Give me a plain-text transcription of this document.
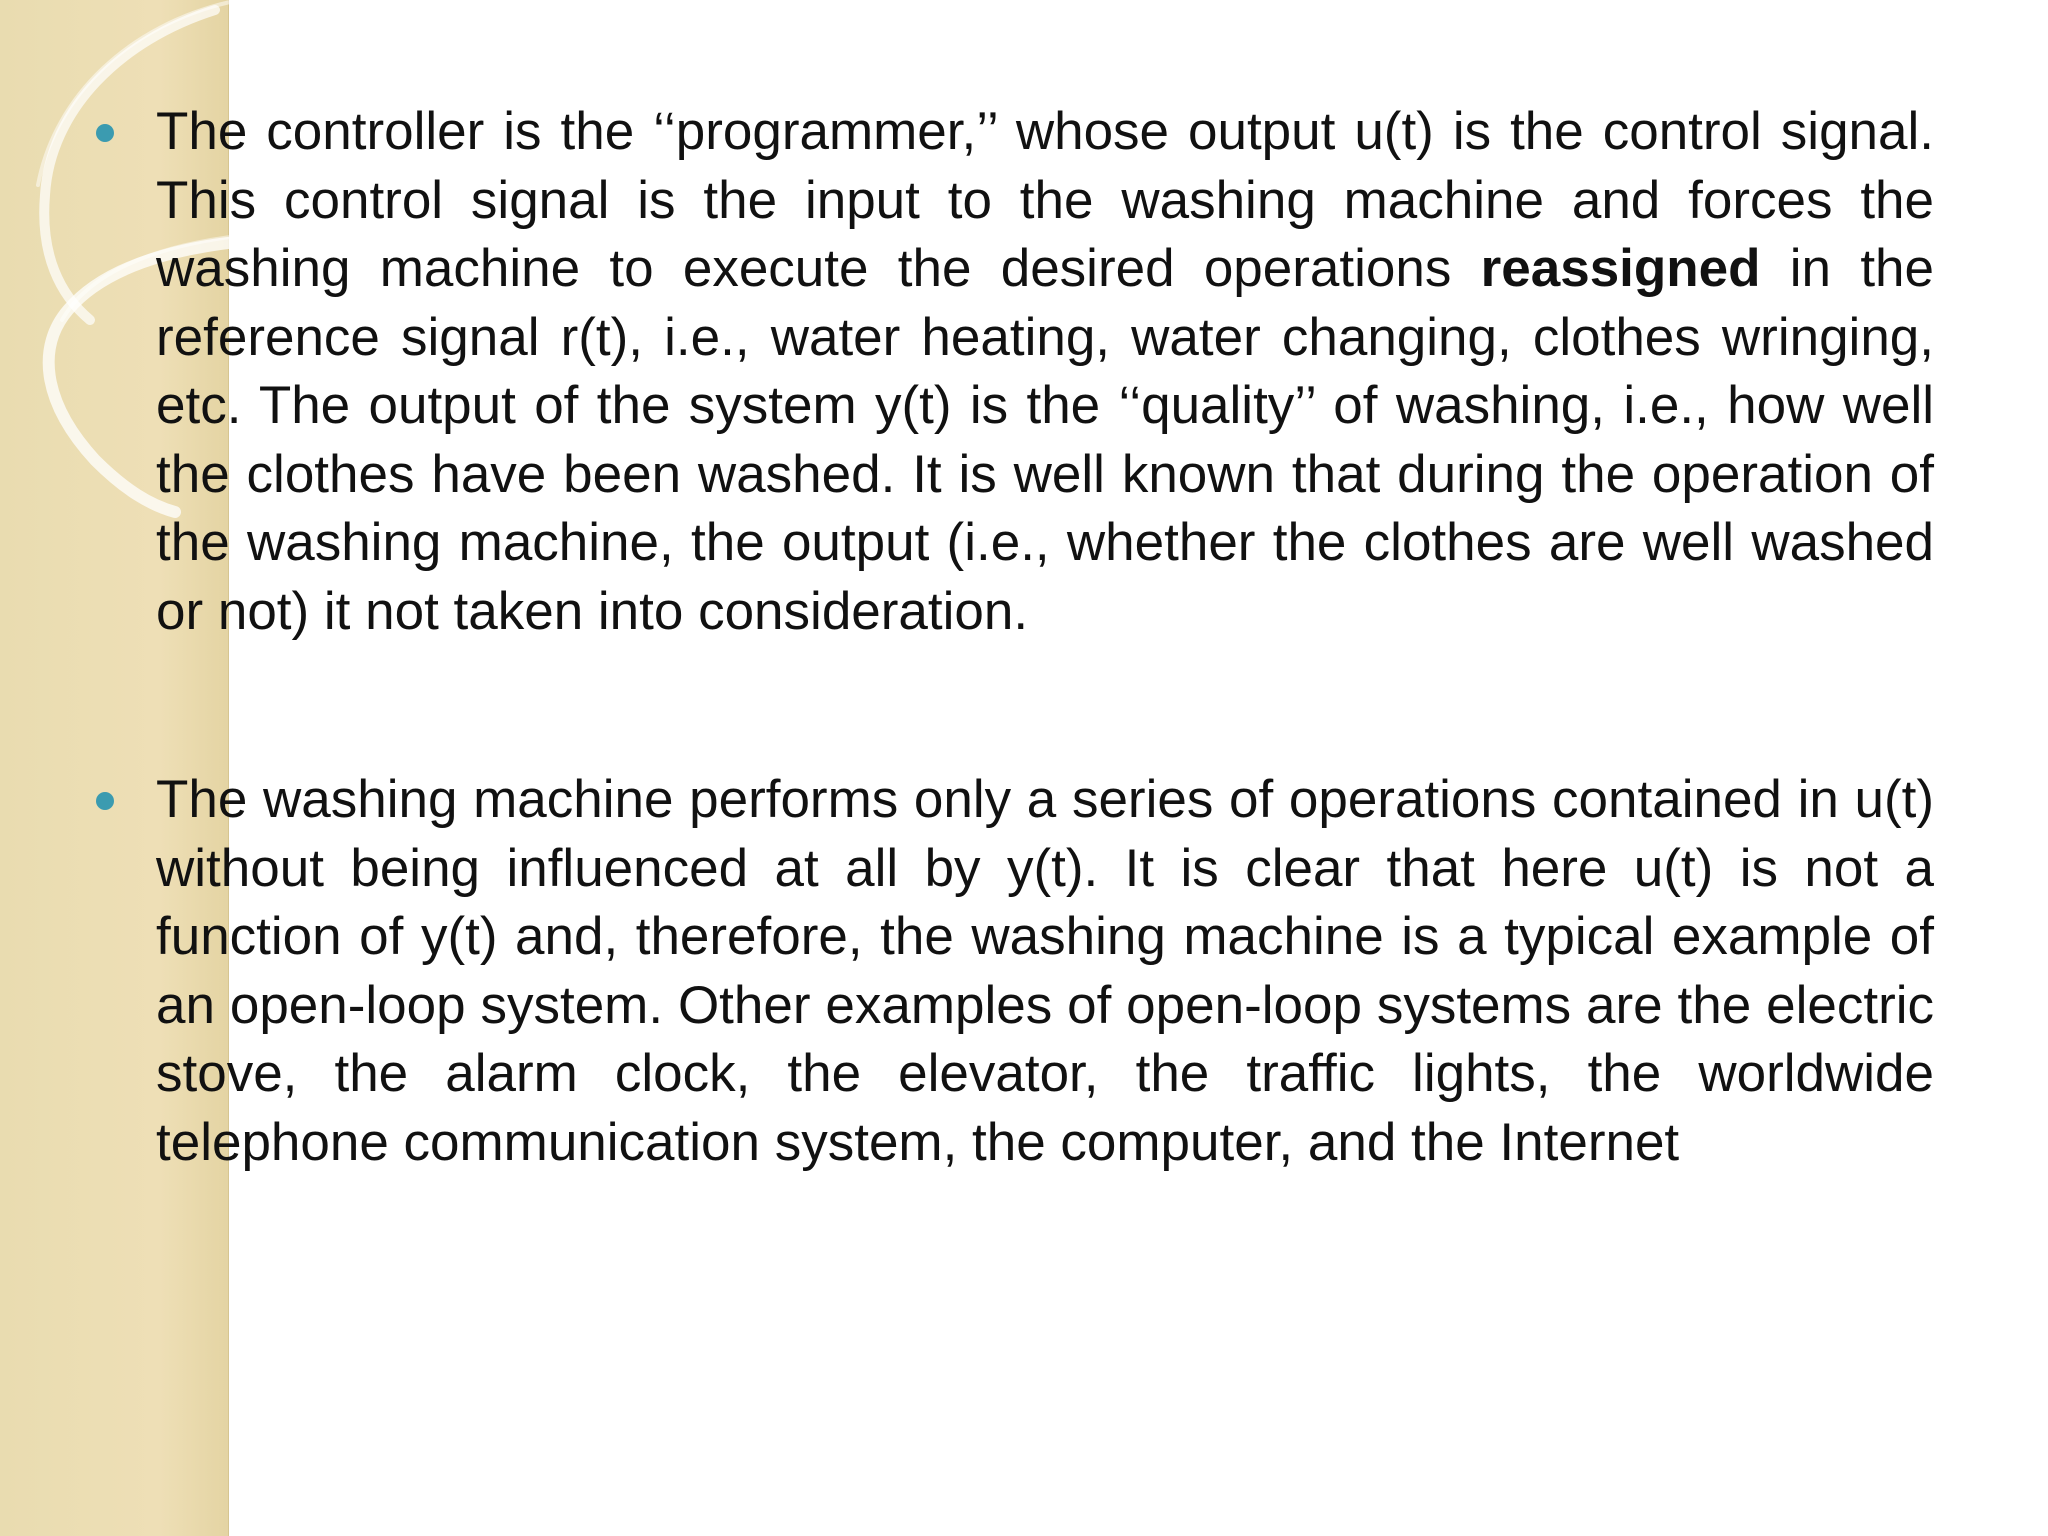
The controller is the ‘‘programmer,’’ whose output u(t) is the control signal. This control signal is the input to the washing machine and forces the washing machine to execute the desired operations reassigned in the reference signal r(t), i.e., water heating, water changing, clothes wringing, etc. The output of the system y(t) is the ‘‘quality’’ of washing, i.e., how well the clothes have been washed. It is well known that during the operation of the washing machine, the output (i.e., whether the clothes are well washed or not) it not taken into consideration.

The washing machine performs only a series of operations contained in u(t) without being influenced at all by y(t). It is clear that here u(t) is not a function of y(t) and, therefore, the washing machine is a typical example of an open-loop system. Other examples of open-loop systems are the electric stove, the alarm clock, the elevator, the traffic lights, the worldwide telephone communication system, the computer, and the Internet
